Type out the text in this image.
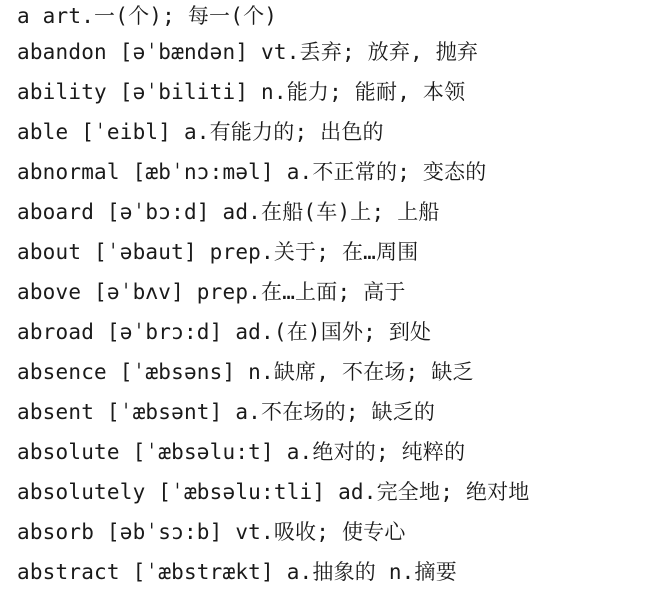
a art.一(个); 每一(个)
abandon [əˈbændən] vt.丢弃; 放弃, 抛弃
ability [əˈbiliti] n.能力; 能耐, 本领
able [ˈeibl] a.有能力的; 出色的
abnormal [æbˈnɔ:məl] a.不正常的; 变态的
aboard [əˈbɔ:d] ad.在船(车)上; 上船
about [ˈəbaut] prep.关于; 在…周围
above [əˈbʌv] prep.在…上面; 高于
abroad [əˈbrɔ:d] ad.(在)国外; 到处
absence [ˈæbsəns] n.缺席, 不在场; 缺乏
absent [ˈæbsənt] a.不在场的; 缺乏的
absolute [ˈæbsəlu:t] a.绝对的; 纯粹的
absolutely [ˈæbsəlu:tli] ad.完全地; 绝对地
absorb [əbˈsɔ:b] vt.吸收; 使专心
abstract [ˈæbstrækt] a.抽象的 n.摘要
